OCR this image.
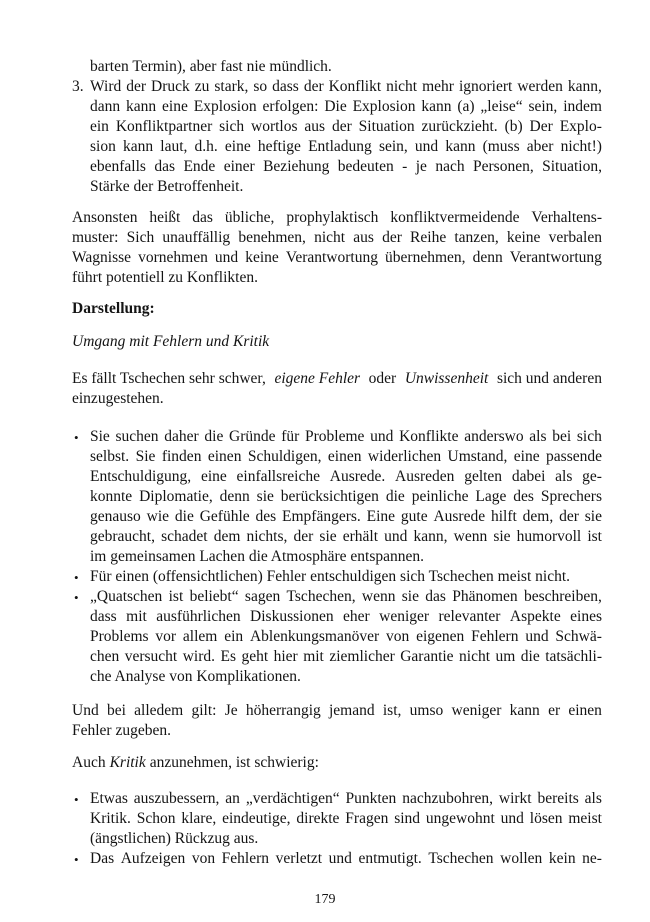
barten Termin), aber fast nie mündlich.
3. Wird der Druck zu stark, so dass der Konflikt nicht mehr ignoriert werden kann,
dann kann eine Explosion erfolgen: Die Explosion kann (a) „leise“ sein, indem
ein Konfliktpartner sich wortlos aus der Situation zurückzieht. (b) Der Explo-
sion kann laut, d.h. eine heftige Entladung sein, und kann (muss aber nicht!)
ebenfalls das Ende einer Beziehung bedeuten - je nach Personen, Situation,
Stärke der Betroffenheit.
Ansonsten heißt das übliche, prophylaktisch konfliktvermeidende Verhaltens-
muster: Sich unauffällig benehmen, nicht aus der Reihe tanzen, keine verbalen
Wagnisse vornehmen und keine Verantwortung übernehmen, denn Verantwortung
führt potentiell zu Konflikten.
Darstellung:
Umgang mit Fehlern und Kritik
Es fällt Tschechen sehr schwer, eigene Fehler oder Unwissenheit sich und anderen
einzugestehen.
• Sie suchen daher die Gründe für Probleme und Konflikte anderswo als bei sich
selbst. Sie finden einen Schuldigen, einen widerlichen Umstand, eine passende
Entschuldigung, eine einfallsreiche Ausrede. Ausreden gelten dabei als ge-
konnte Diplomatie, denn sie berücksichtigen die peinliche Lage des Sprechers
genauso wie die Gefühle des Empfängers. Eine gute Ausrede hilft dem, der sie
gebraucht, schadet dem nichts, der sie erhält und kann, wenn sie humorvoll ist
im gemeinsamen Lachen die Atmosphäre entspannen.
• Für einen (offensichtlichen) Fehler entschuldigen sich Tschechen meist nicht.
• „Quatschen ist beliebt“ sagen Tschechen, wenn sie das Phänomen beschreiben,
dass mit ausführlichen Diskussionen eher weniger relevanter Aspekte eines
Problems vor allem ein Ablenkungsmanöver von eigenen Fehlern und Schwä-
chen versucht wird. Es geht hier mit ziemlicher Garantie nicht um die tatsächli-
che Analyse von Komplikationen.
Und bei alledem gilt: Je höherrangig jemand ist, umso weniger kann er einen
Fehler zugeben.
Auch Kritik anzunehmen, ist schwierig:
• Etwas auszubessern, an „verdächtigen“ Punkten nachzubohren, wirkt bereits als
Kritik. Schon klare, eindeutige, direkte Fragen sind ungewohnt und lösen meist
(ängstlichen) Rückzug aus.
• Das Aufzeigen von Fehlern verletzt und entmutigt. Tschechen wollen kein ne-
179
